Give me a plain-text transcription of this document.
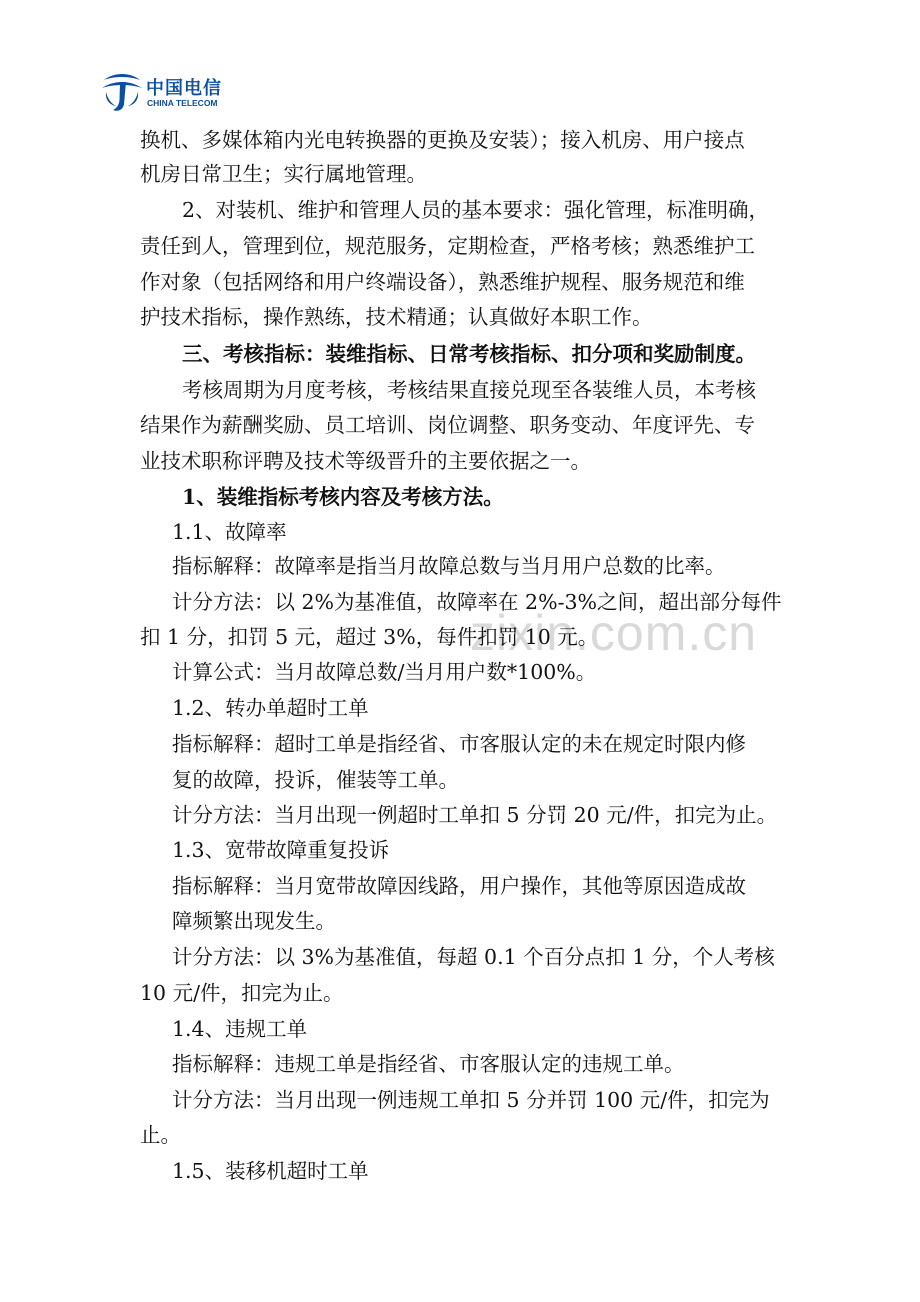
中国电信
CHINA TELECOM
zixin.com.cn
换机、多媒体箱内光电转换器的更换及安装）；接入机房、用户接点
机房日常卫生；实行属地管理。
2、对装机、维护和管理人员的基本要求：强化管理，标准明确，
责任到人，管理到位，规范服务，定期检查，严格考核；熟悉维护工
作对象（包括网络和用户终端设备），熟悉维护规程、服务规范和维
护技术指标，操作熟练，技术精通；认真做好本职工作。
三、考核指标：装维指标、日常考核指标、扣分项和奖励制度。
考核周期为月度考核，考核结果直接兑现至各装维人员，本考核
结果作为薪酬奖励、员工培训、岗位调整、职务变动、年度评先、专
业技术职称评聘及技术等级晋升的主要依据之一。
1、装维指标考核内容及考核方法。
1.1、故障率
指标解释：故障率是指当月故障总数与当月用户总数的比率。
计分方法：以 2%为基准值，故障率在 2%-3%之间，超出部分每件
扣 1 分，扣罚 5 元，超过 3%，每件扣罚 10 元。
计算公式：当月故障总数/当月用户数*100%。
1.2、转办单超时工单
指标解释：超时工单是指经省、市客服认定的未在规定时限内修
复的故障，投诉，催装等工单。
计分方法：当月出现一例超时工单扣 5 分罚 20 元/件，扣完为止。
1.3、宽带故障重复投诉
指标解释：当月宽带故障因线路，用户操作，其他等原因造成故
障频繁出现发生。
计分方法：以 3%为基准值，每超 0.1 个百分点扣 1 分，个人考核
10 元/件，扣完为止。
1.4、违规工单
指标解释：违规工单是指经省、市客服认定的违规工单。
计分方法：当月出现一例违规工单扣 5 分并罚 100 元/件，扣完为
止。
1.5、装移机超时工单
